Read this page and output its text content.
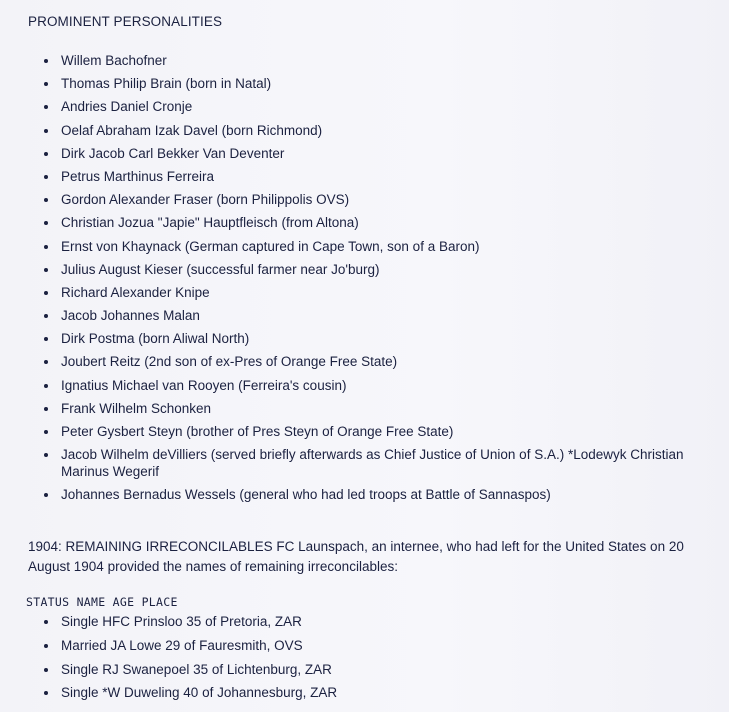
PROMINENT PERSONALITIES
Willem Bachofner
Thomas Philip Brain (born in Natal)
Andries Daniel Cronje
Oelaf Abraham Izak Davel (born Richmond)
Dirk Jacob Carl Bekker Van Deventer
Petrus Marthinus Ferreira
Gordon Alexander Fraser (born Philippolis OVS)
Christian Jozua "Japie" Hauptfleisch (from Altona)
Ernst von Khaynack (German captured in Cape Town, son of a Baron)
Julius August Kieser (successful farmer near Jo'burg)
Richard Alexander Knipe
Jacob Johannes Malan
Dirk Postma (born Aliwal North)
Joubert Reitz (2nd son of ex-Pres of Orange Free State)
Ignatius Michael van Rooyen (Ferreira's cousin)
Frank Wilhelm Schonken
Peter Gysbert Steyn (brother of Pres Steyn of Orange Free State)
Jacob Wilhelm deVilliers (served briefly afterwards as Chief Justice of Union of S.A.) *Lodewyk Christian Marinus Wegerif
Johannes Bernadus Wessels (general who had led troops at Battle of Sannaspos)
1904: REMAINING IRRECONCILABLES FC Launspach, an internee, who had left for the United States on 20 August 1904 provided the names of remaining irreconcilables:
STATUS NAME AGE PLACE
Single HFC Prinsloo 35 of Pretoria, ZAR
Married JA Lowe 29 of Fauresmith, OVS
Single RJ Swanepoel 35 of Lichtenburg, ZAR
Single *W Duweling 40 of Johannesburg, ZAR
